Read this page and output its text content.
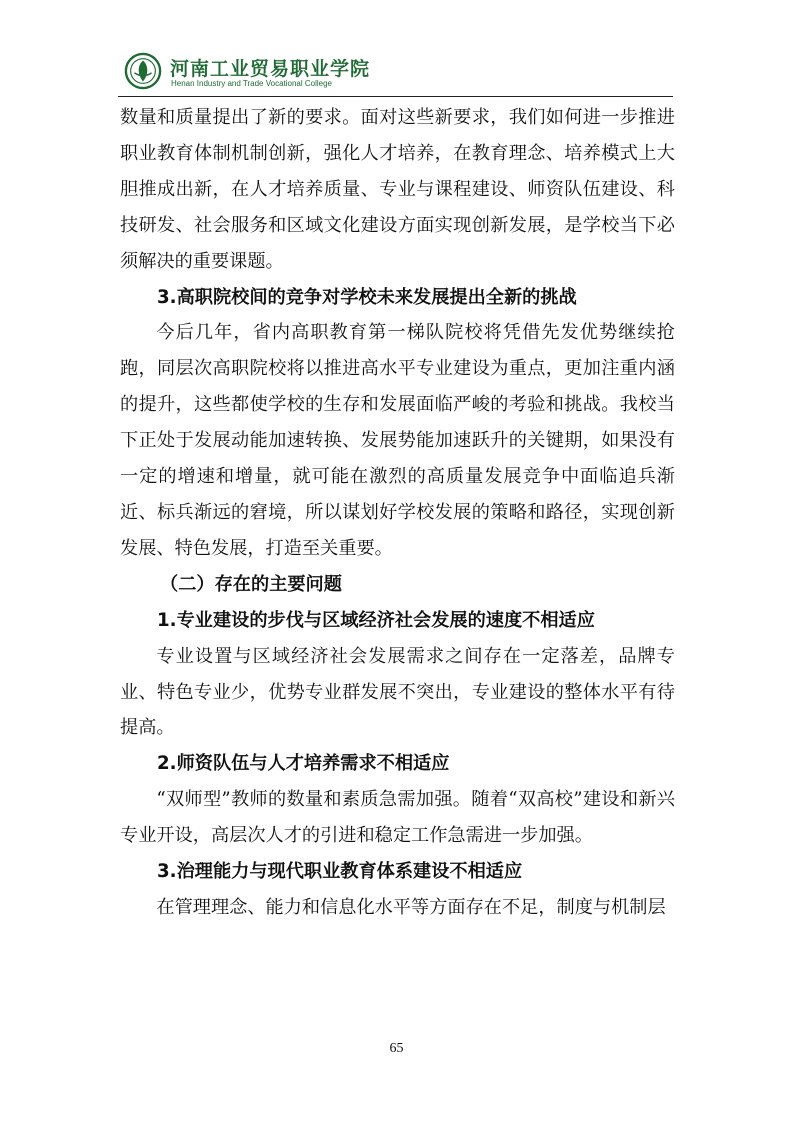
河南工业贸易职业学院
Henan Industry and Trade Vocational College

数量和质量提出了新的要求。面对这些新要求，我们如何进一步推进职业教育体制机制创新，强化人才培养，在教育理念、培养模式上大胆推成出新，在人才培养质量、专业与课程建设、师资队伍建设、科技研发、社会服务和区域文化建设方面实现创新发展，是学校当下必须解决的重要课题。

3.高职院校间的竞争对学校未来发展提出全新的挑战

今后几年，省内高职教育第一梯队院校将凭借先发优势继续抢跑，同层次高职院校将以推进高水平专业建设为重点，更加注重内涵的提升，这些都使学校的生存和发展面临严峻的考验和挑战。我校当下正处于发展动能加速转换、发展势能加速跃升的关键期，如果没有一定的增速和增量，就可能在激烈的高质量发展竞争中面临追兵渐近、标兵渐远的窘境，所以谋划好学校发展的策略和路径，实现创新发展、特色发展，打造至关重要。

（二）存在的主要问题

1.专业建设的步伐与区域经济社会发展的速度不相适应

专业设置与区域经济社会发展需求之间存在一定落差，品牌专业、特色专业少，优势专业群发展不突出，专业建设的整体水平有待提高。

2.师资队伍与人才培养需求不相适应

“双师型”教师的数量和素质急需加强。随着“双高校”建设和新兴专业开设，高层次人才的引进和稳定工作急需进一步加强。

3.治理能力与现代职业教育体系建设不相适应

在管理理念、能力和信息化水平等方面存在不足，制度与机制层

65
